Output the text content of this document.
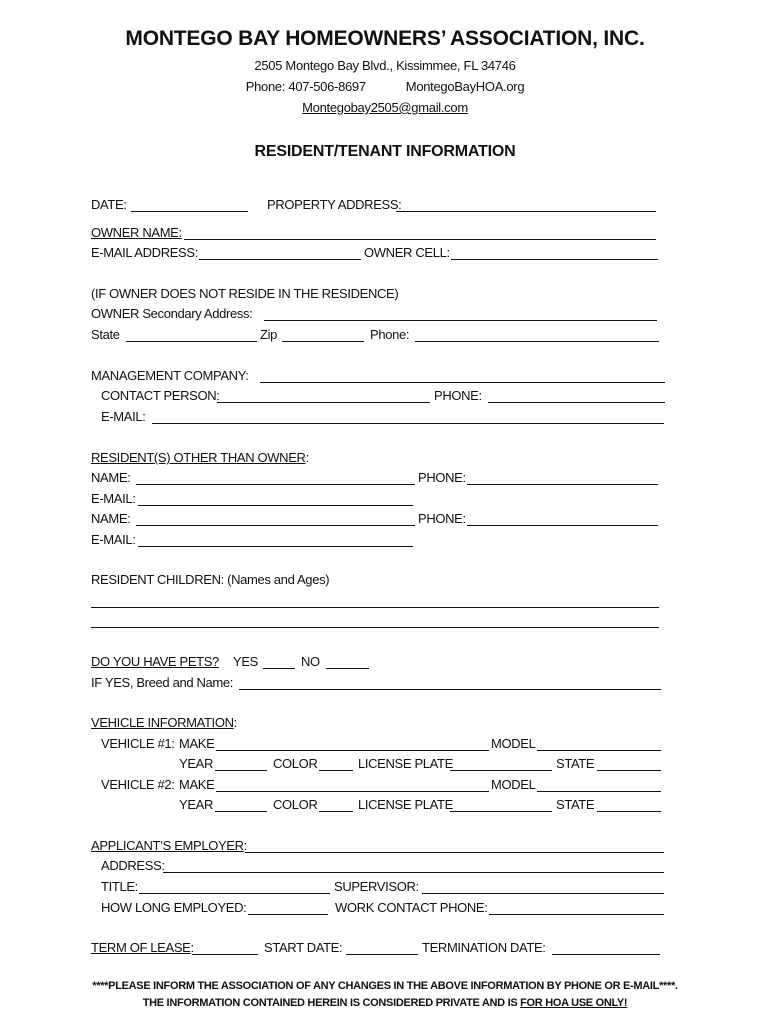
MONTEGO BAY HOMEOWNERS’ ASSOCIATION, INC.
2505 Montego Bay Blvd., Kissimmee, FL 34746
Phone: 407-506-8697	MontegoBayHOA.org
Montegobay2505@gmail.com
RESIDENT/TENANT INFORMATION
DATE:	PROPERTY ADDRESS:
OWNER NAME:
E-MAIL ADDRESS:	OWNER CELL:
(IF OWNER DOES NOT RESIDE IN THE RESIDENCE)
OWNER Secondary Address:
State	Zip	Phone:
MANAGEMENT COMPANY:
CONTACT PERSON:	PHONE:
E-MAIL:
RESIDENT(S) OTHER THAN OWNER:
NAME:	PHONE:
E-MAIL:
NAME:	PHONE:
E-MAIL:
RESIDENT CHILDREN: (Names and Ages)
DO YOU HAVE PETS? YES	NO
IF YES, Breed and Name:
VEHICLE INFORMATION:
VEHICLE #1: MAKE	MODEL
YEAR	COLOR	LICENSE PLATE	STATE
VEHICLE #2: MAKE	MODEL
YEAR	COLOR	LICENSE PLATE	STATE
APPLICANT’S EMPLOYER:
ADDRESS:
TITLE:	SUPERVISOR:
HOW LONG EMPLOYED:	WORK CONTACT PHONE:
TERM OF LEASE:	START DATE:	TERMINATION DATE:
****PLEASE INFORM THE ASSOCIATION OF ANY CHANGES IN THE ABOVE INFORMATION BY PHONE OR E-MAIL****.
THE INFORMATION CONTAINED HEREIN IS CONSIDERED PRIVATE AND IS FOR HOA USE ONLY!
